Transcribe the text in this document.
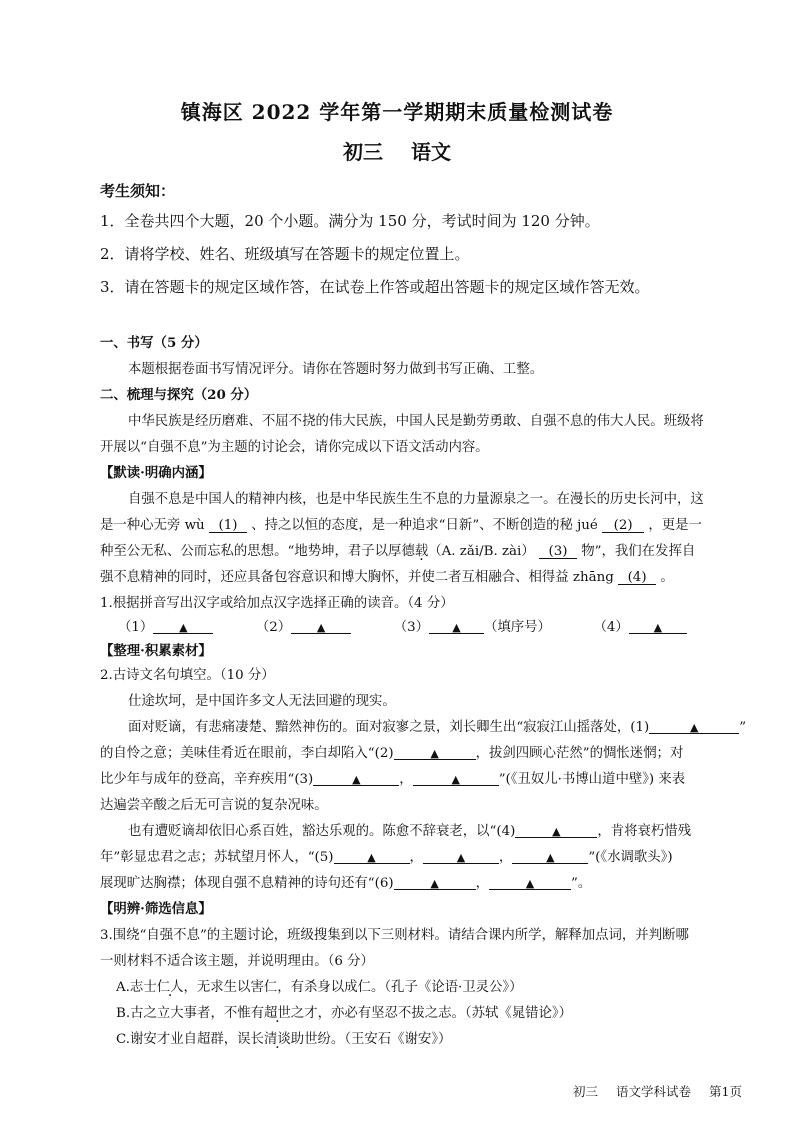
镇海区 2022 学年第一学期期末质量检测试卷
初三 语文
考生须知：
1．全卷共四个大题，20 个小题。满分为 150 分，考试时间为 120 分钟。
2．请将学校、姓名、班级填写在答题卡的规定位置上。
3．请在答题卡的规定区域作答，在试卷上作答或超出答题卡的规定区域作答无效。
一、书写（5 分）
本题根据卷面书写情况评分。请你在答题时努力做到书写正确、工整。
二、梳理与探究（20 分）
中华民族是经历磨难、不屈不挠的伟大民族，中国人民是勤劳勇敢、自强不息的伟大人民。班级将
开展以“自强不息”为主题的讨论会，请你完成以下语文活动内容。
【默读·明确内涵】
自强不息是中国人的精神内核，也是中华民族生生不息的力量源泉之一。在漫长的历史长河中，这
是一种心无旁 wù (1) 、持之以恒的态度，是一种追求“日新”、不断创造的秘 jué (2) ，更是一
种至公无私、公而忘私的思想。“地势坤，君子以厚德载（A. zǎi/B. zài） (3) 物”，我们在发挥自
强不息精神的同时，还应具备包容意识和博大胸怀，并使二者互相融合、相得益 zhāng (4) 。
1.根据拼音写出汉字或给加点汉字选择正确的读音。（4 分）
（1） ▲	（2） ▲	（3） ▲ （填序号）	（4） ▲
【整理·积累素材】
2.古诗文名句填空。（10 分）
仕途坎坷，是中国许多文人无法回避的现实。
面对贬谪，有悲痛凄楚、黯然神伤的。面对寂寥之景，刘长卿生出“寂寂江山摇落处，(1)	▲	”
的自怜之意；美味佳肴近在眼前，李白却陷入“(2)	▲	，拔剑四顾心茫然”的惆怅迷惘；对
比少年与成年的登高，辛弃疾用“(3)	▲	，	▲	”(《丑奴儿·书博山道中壁》) 来表
达遍尝辛酸之后无可言说的复杂况味。
也有遭贬谪却依旧心系百姓，豁达乐观的。陈愈不辞衰老，以“(4)	▲	，肯将衰朽惜残
年”彰显忠君之志；苏轼望月怀人，“(5)	▲	，	▲	，	▲	”(《水调歌头》)
展现旷达胸襟；体现自强不息精神的诗句还有“(6)	▲	，	▲	”。
【明辨·筛选信息】
3.围绕“自强不息”的主题讨论，班级搜集到以下三则材料。请结合课内所学，解释加点词，并判断哪
一则材料不适合该主题，并说明理由。（6 分）
A.志士仁人，无求生以害仁，有杀身以成仁。（孔子《论语·卫灵公》）
B.古之立大事者，不惟有超世之才，亦必有坚忍不拔之志。（苏轼《晁错论》）
C.谢安才业自超群，误长清谈助世纷。（王安石《谢安》）
初三 语文学科试卷 第1页
